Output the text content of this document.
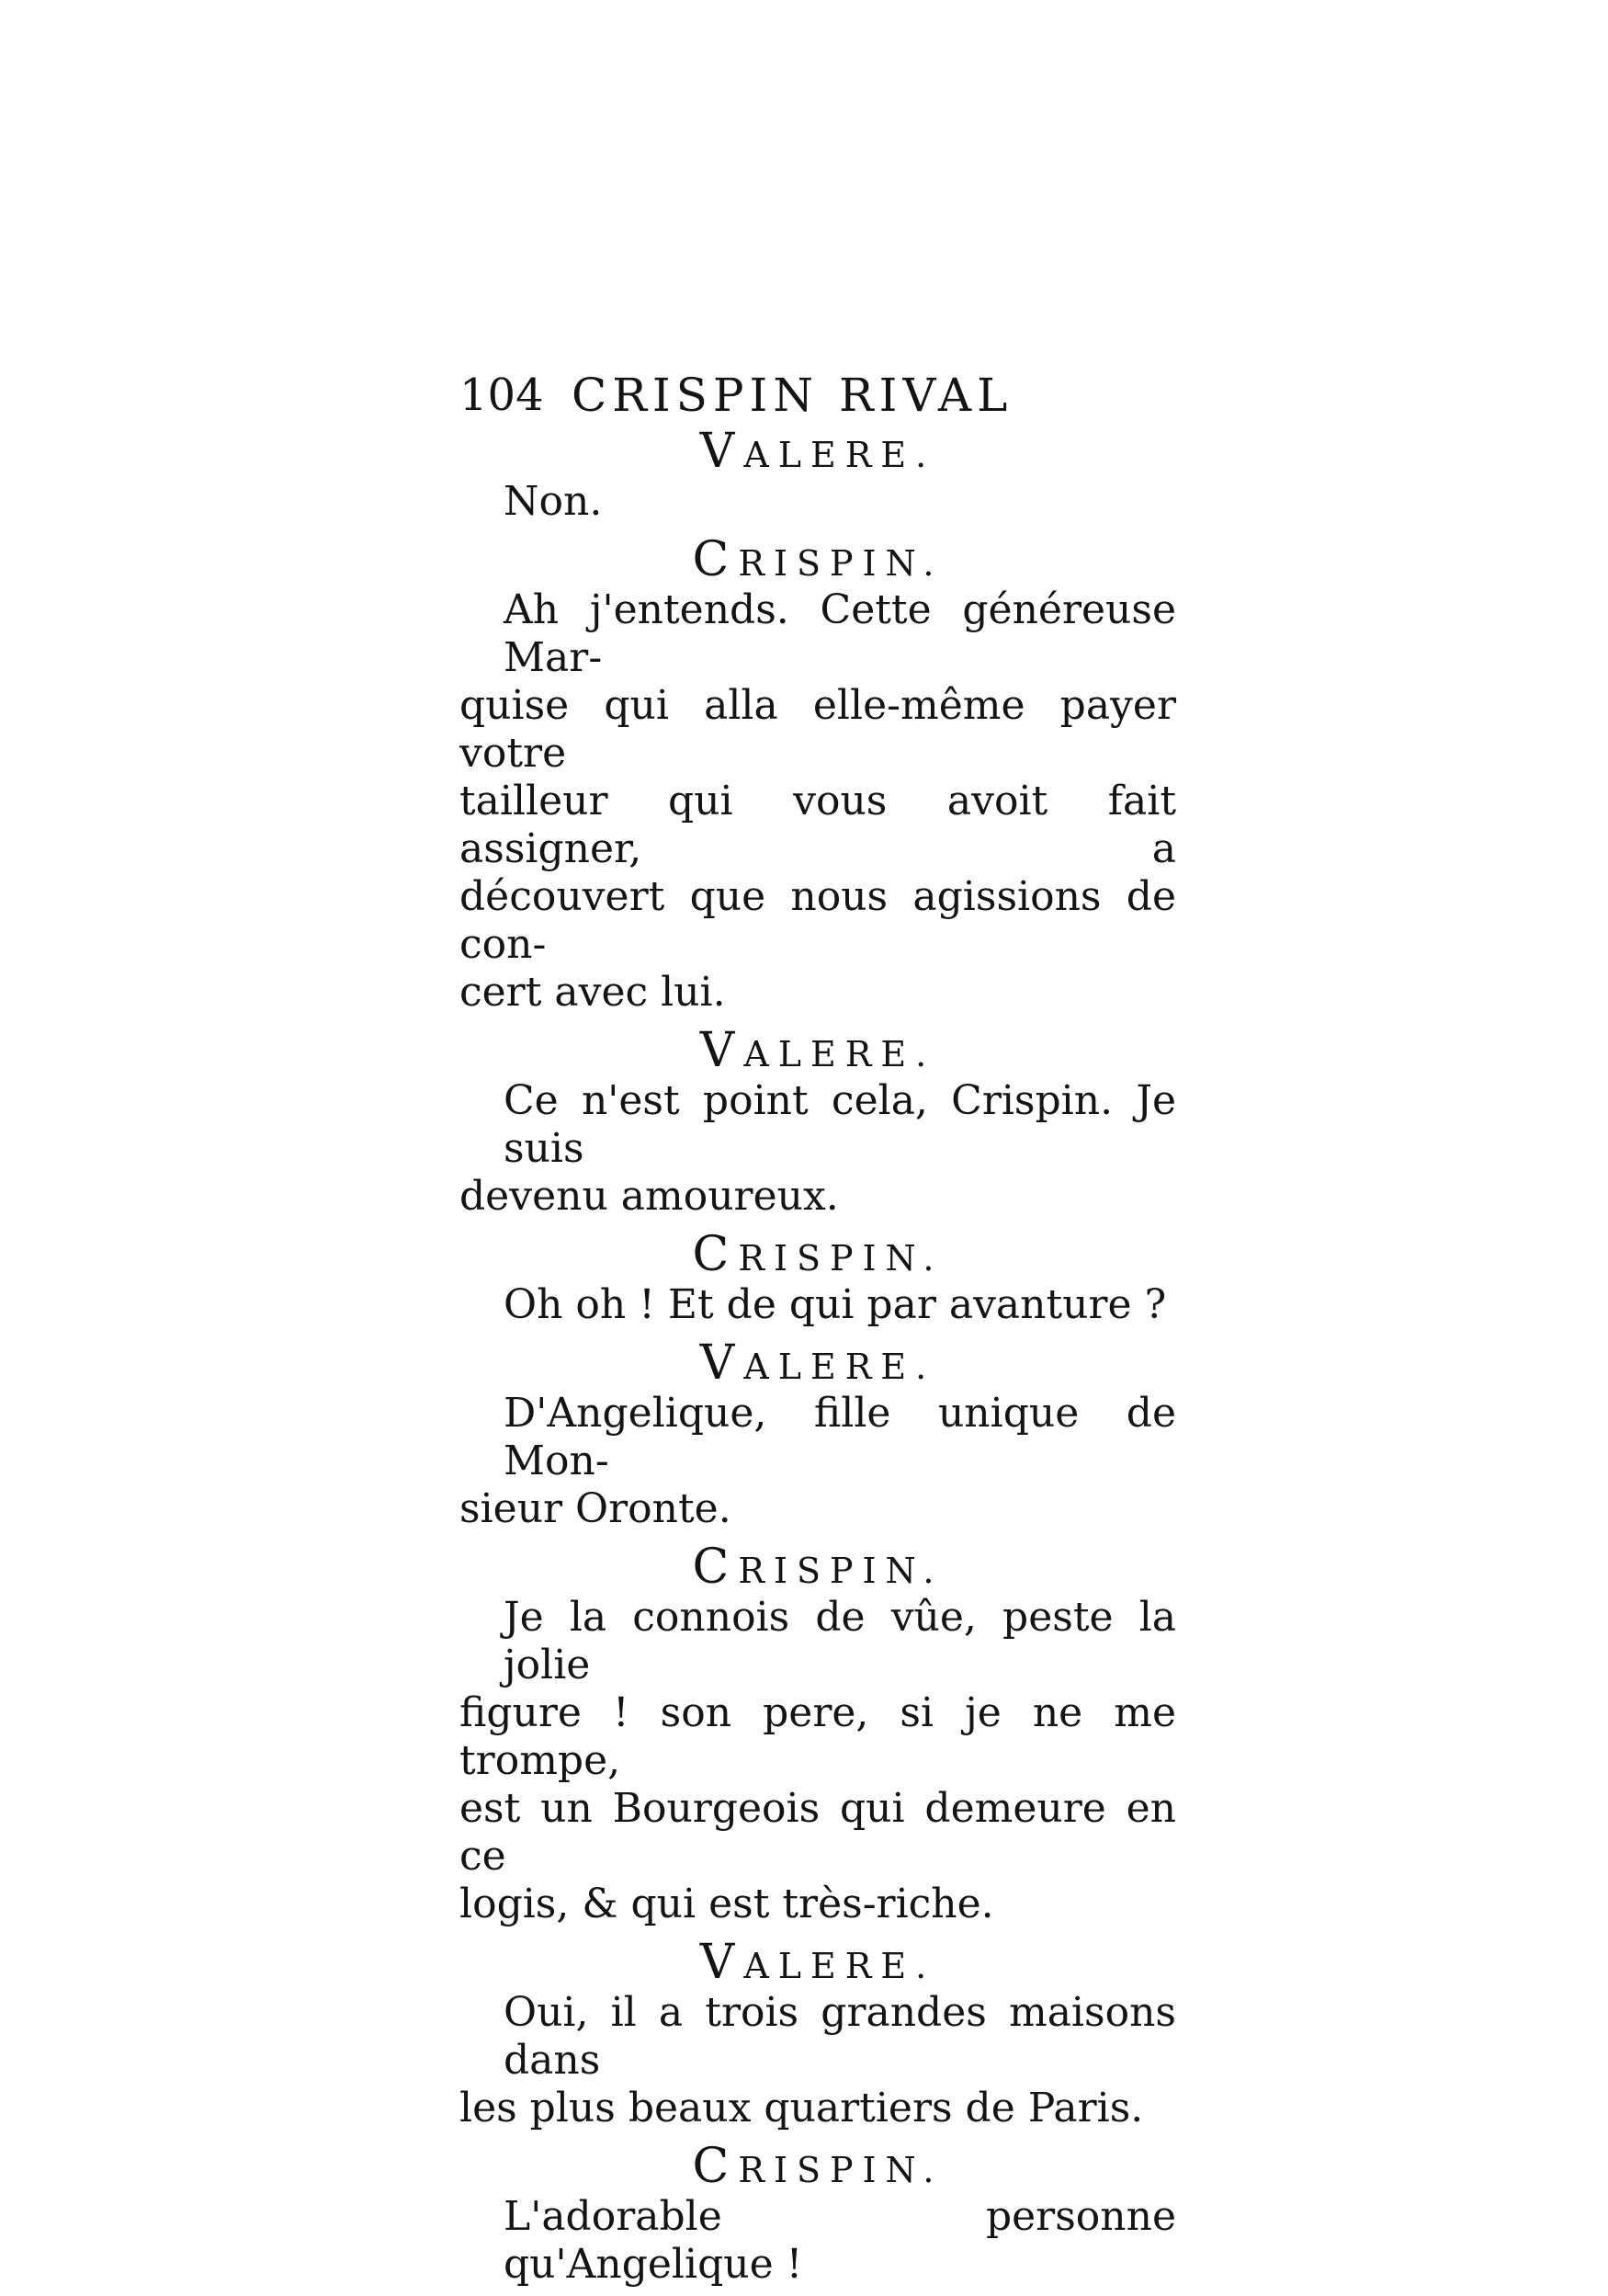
104 CRISPIN RIVAL
VALERE.
Non.
CRISPIN.
Ah j'entends. Cette généreuse Mar-
quise qui alla elle-même payer votre
tailleur qui vous avoit fait assigner, a
découvert que nous agissions de con-
cert avec lui.
VALERE.
Ce n'est point cela, Crispin. Je suis
devenu amoureux.
CRISPIN.
Oh oh ! Et de qui par avanture ?
VALERE.
D'Angelique, fille unique de Mon-
sieur Oronte.
CRISPIN.
Je la connois de vûe, peste la jolie
figure ! son pere, si je ne me trompe,
est un Bourgeois qui demeure en ce
logis, & qui est très-riche.
VALERE.
Oui, il a trois grandes maisons dans
les plus beaux quartiers de Paris.
CRISPIN.
L'adorable personne qu'Angelique !
